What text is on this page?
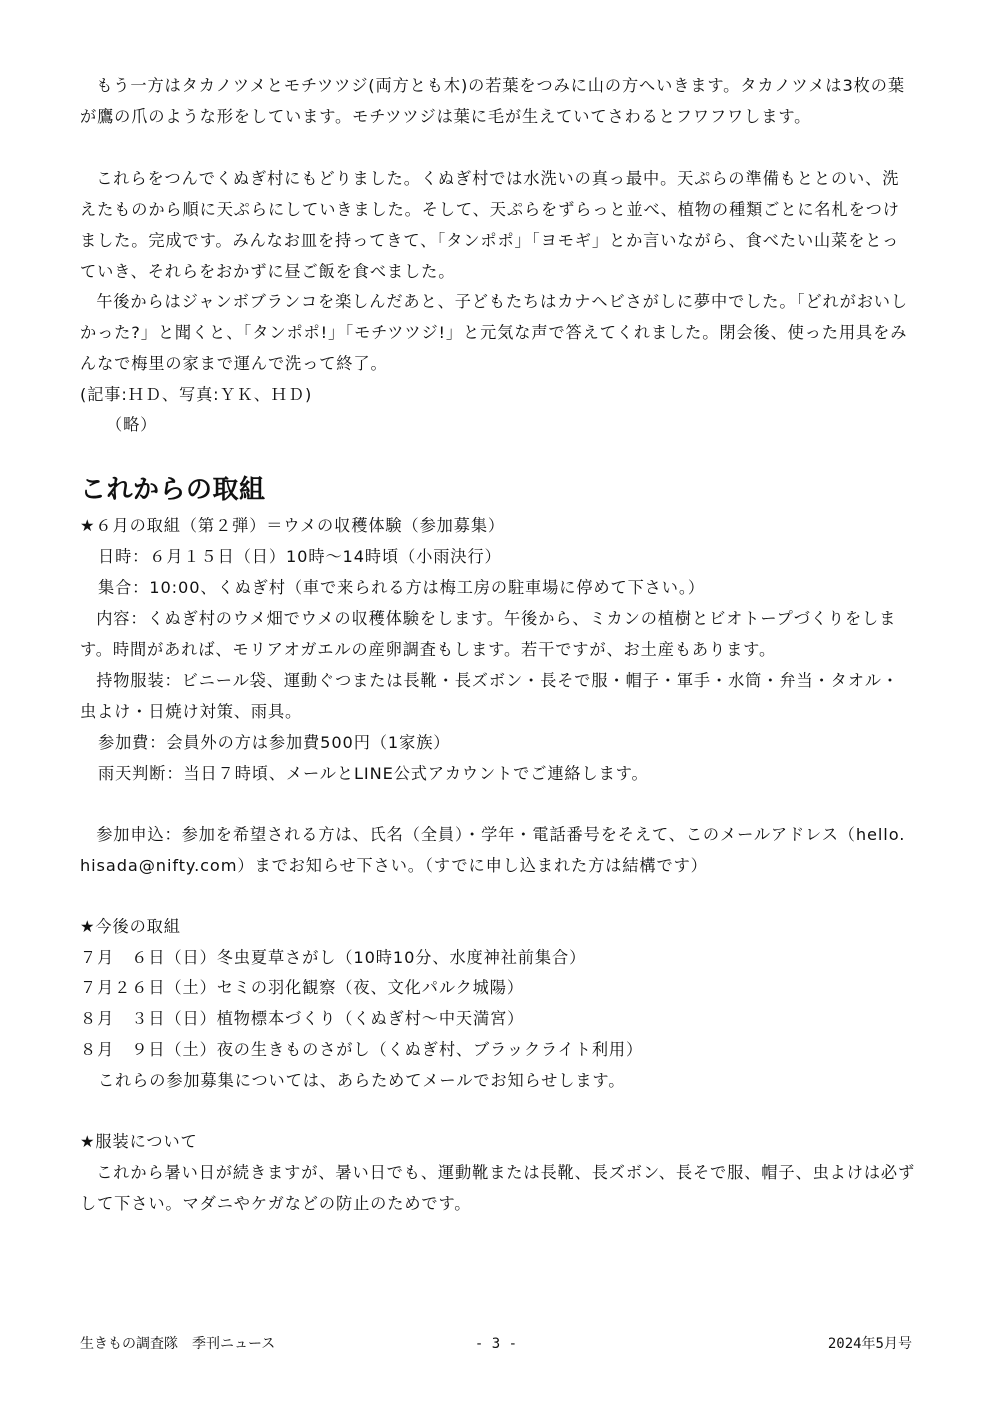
もう一方はタカノツメとモチツツジ(両方とも木)の若葉をつみに山の方へいきます。タカノツメは3枚の葉が鷹の爪のような形をしています。モチツツジは葉に毛が生えていてさわるとフワフワします。

これらをつんでくぬぎ村にもどりました。くぬぎ村では水洗いの真っ最中。天ぷらの準備もととのい、洗えたものから順に天ぷらにしていきました。そして、天ぷらをずらっと並べ、植物の種類ごとに名札をつけました。完成です。みんなお皿を持ってきて、「タンポポ」「ヨモギ」とか言いながら、食べたい山菜をとっていき、それらをおかずに昼ご飯を食べました。

午後からはジャンボブランコを楽しんだあと、子どもたちはカナヘビさがしに夢中でした。「どれがおいしかった?」と聞くと、「タンポポ!」「モチツツジ!」と元気な声で答えてくれました。閉会後、使った用具をみんなで梅里の家まで運んで洗って終了。

(記事:ＨＤ、写真:ＹＫ、ＨＤ)

（略）

これからの取組

★６月の取組（第２弾）＝ウメの収穫体験（参加募集）

日時：６月１５日（日）10時～14時頃（小雨決行）

集合：10:00、くぬぎ村（車で来られる方は梅工房の駐車場に停めて下さい。）

内容：くぬぎ村のウメ畑でウメの収穫体験をします。午後から、ミカンの植樹とビオトープづくりをします。時間があれば、モリアオガエルの産卵調査もします。若干ですが、お土産もあります。

持物服装：ビニール袋、運動ぐつまたは長靴・長ズボン・長そで服・帽子・軍手・水筒・弁当・タオル・虫よけ・日焼け対策、雨具。

参加費：会員外の方は参加費500円（1家族）

雨天判断：当日７時頃、メールとLINE公式アカウントでご連絡します。

参加申込：参加を希望される方は、氏名（全員）・学年・電話番号をそえて、このメールアドレス（hello.hisada@nifty.com）までお知らせ下さい。（すでに申し込まれた方は結構です）

★今後の取組

７月　６日（日）冬虫夏草さがし（10時10分、水度神社前集合）

７月２６日（土）セミの羽化観察（夜、文化パルク城陽）

８月　３日（日）植物標本づくり（くぬぎ村～中天満宮）

８月　９日（土）夜の生きものさがし（くぬぎ村、ブラックライト利用）

これらの参加募集については、あらためてメールでお知らせします。

★服装について

これから暑い日が続きますが、暑い日でも、運動靴または長靴、長ズボン、長そで服、帽子、虫よけは必ずして下さい。マダニやケガなどの防止のためです。

生きもの調査隊　季刊ニュース	- 3 -	2024年5月号
